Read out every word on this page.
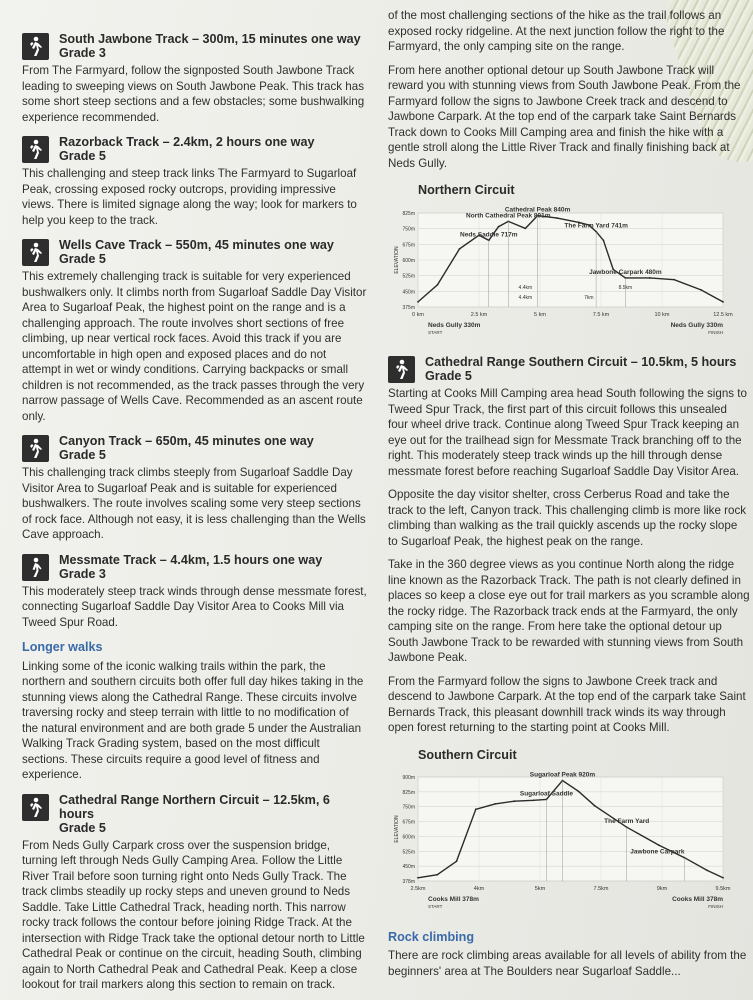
South Jawbone Track – 300m, 15 minutes one way
Grade 3

From The Farmyard, follow the signposted South Jawbone Track leading to sweeping views on South Jawbone Peak. This track has some short steep sections and a few obstacles; some bushwalking experience recommended.

Razorback Track – 2.4km, 2 hours one way
Grade 5

This challenging and steep track links The Farmyard to Sugarloaf Peak, crossing exposed rocky outcrops, providing impressive views. There is limited signage along the way; look for markers to help you keep to the track.

Wells Cave Track – 550m, 45 minutes one way
Grade 5

This extremely challenging track is suitable for very experienced bushwalkers only. It climbs north from Sugarloaf Saddle Day Visitor Area to Sugarloaf Peak, the highest point on the range and is a challenging approach. The route involves short sections of free climbing, up near vertical rock faces. Avoid this track if you are uncomfortable in high open and exposed places and do not attempt in wet or windy conditions. Carrying backpacks or small children is not recommended, as the track passes through the very narrow passage of Wells Cave. Recommended as an ascent route only.

Canyon Track – 650m, 45 minutes one way
Grade 5

This challenging track climbs steeply from Sugarloaf Saddle Day Visitor Area to Sugarloaf Peak and is suitable for experienced bushwalkers. The route involves scaling some very steep sections of rock face. Although not easy, it is less challenging than the Wells Cave approach.

Messmate Track – 4.4km, 1.5 hours one way
Grade 3

This moderately steep track winds through dense messmate forest, connecting Sugarloaf Saddle Day Visitor Area to Cooks Mill via Tweed Spur Road.

Longer walks

Linking some of the iconic walking trails within the park, the northern and southern circuits both offer full day hikes taking in the stunning views along the Cathedral Range. These circuits involve traversing rocky and steep terrain with little to no modification of the natural environment and are both grade 5 under the Australian Walking Track Grading system, based on the most difficult sections. These circuits require a good level of fitness and experience.

Cathedral Range Northern Circuit – 12.5km, 6 hours
Grade 5

From Neds Gully Carpark cross over the suspension bridge, turning left through Neds Gully Camping Area. Follow the Little River Trail before soon turning right onto Neds Gully Track. The track climbs steadily up rocky steps and uneven ground to Neds Saddle. Take Little Cathedral Track, heading north. This narrow rocky track follows the contour before joining Ridge Track. At the intersection with Ridge Track take the optional detour north to Little Cathedral Peak or continue on the circuit, heading South, climbing again to North Cathedral Peak and Cathedral Peak. Keep a close lookout for trail markers along this section to remain on track.

of the most challenging sections of the hike as the trail follows an exposed rocky ridgeline. At the next junction follow the right to the Farmyard, the only camping site on the range.

From here another optional detour up South Jawbone Track will reward you with stunning views from South Jawbone Peak. From the Farmyard follow the signs to Jawbone Creek track and descend to Jawbone Carpark. At the top end of the carpark take Saint Bernards Track down to Cooks Mill Camping area and finish the hike with a gentle stroll along the Little River Track and finally finishing back at Neds Gully.

Northern Circuit
825m
750m
675m
600m
525m
450m
375m
0 km	2.5 km	5 km	7.5 km	10 km	12.5 km
ELEVATION
North Cathedral Peak 801m
Neds Saddle 717m
Cathedral Peak 840m
The Farm Yard 741m
Jawbone Carpark 480m
Neds Gully 330m
START
Neds Gully 330m
FINISH
4.4km
4.4km
7km
8.5km
Cathedral Range Southern Circuit – 10.5km, 5 hours
Grade 5

Starting at Cooks Mill Camping area head South following the signs to Tweed Spur Track, the first part of this circuit follows this unsealed four wheel drive track. Continue along Tweed Spur Track keeping an eye out for the trailhead sign for Messmate Track branching off to the right. This moderately steep track winds up the hill through dense messmate forest before reaching Sugarloaf Saddle Day Visitor Area.

Opposite the day visitor shelter, cross Cerberus Road and take the track to the left, Canyon track. This challenging climb is more like rock climbing than walking as the trail quickly ascends up the rocky slope to Sugarloaf Peak, the highest peak on the range.

Take in the 360 degree views as you continue North along the ridge line known as the Razorback Track. The path is not clearly defined in places so keep a close eye out for trail markers as you scramble along the rocky ridge. The Razorback track ends at the Farmyard, the only camping site on the range. From here take the optional detour up South Jawbone Track to be rewarded with stunning views from South Jawbone Peak.

From the Farmyard follow the signs to Jawbone Creek track and descend to Jawbone Carpark. At the top end of the carpark take Saint Bernards Track, this pleasant downhill track winds its way through open forest returning to the starting point at Cooks Mill.

Southern Circuit
900m
825m
750m
675m
600m
525m
450m
378m
2.5km	4km	5km	7.5km	9km	9.5km
ELEVATION
Sugarloaf Peak 920m
Sugarloaf Saddle
The Farm Yard
Jawbone Carpark
Cooks Mill 378m
START
Cooks Mill 378m
FINISH
Rock climbing

There are rock climbing areas available for all levels of ability from the beginners' area at The Boulders near Sugarloaf Saddle...
